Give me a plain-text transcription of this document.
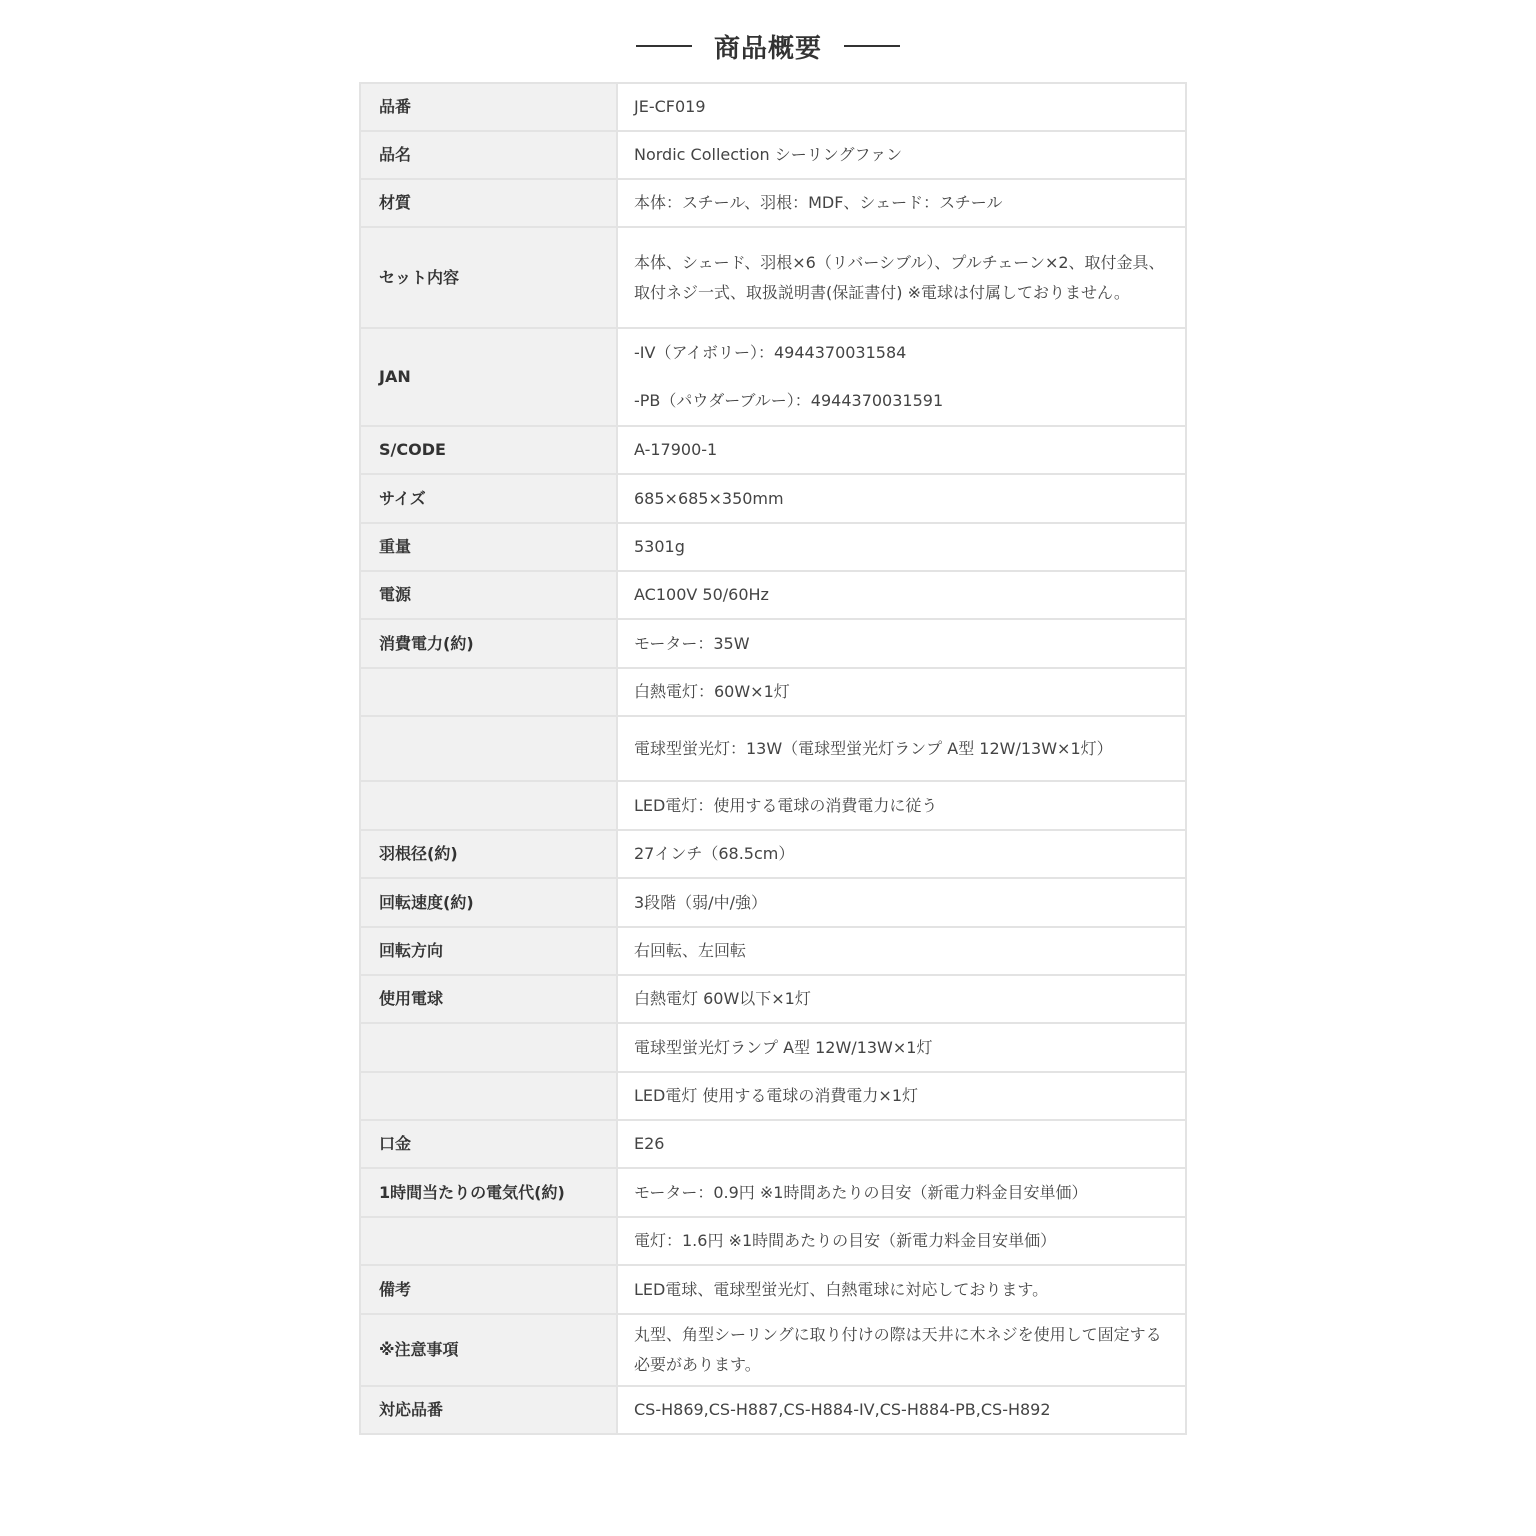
商品概要
品番	JE-CF019
品名	Nordic Collection シーリングファン
材質	本体：スチール、羽根：MDF、シェード：スチール
セット内容	本体、シェード、羽根×6（リバーシブル）、プルチェーン×2、取付金具、取付ネジ一式、取扱説明書(保証書付) ※電球は付属しておりません。
JAN	-IV（アイボリー）：4944370031584
-PB（パウダーブルー）：4944370031591

S/CODE	A-17900-1
サイズ	685×685×350mm
重量	5301g
電源	AC100V 50/60Hz
消費電力(約)	モーター：35W
	白熱電灯：60W×1灯
	電球型蛍光灯：13W（電球型蛍光灯ランプ A型 12W/13W×1灯）
	LED電灯：使用する電球の消費電力に従う
羽根径(約)	27インチ（68.5cm）
回転速度(約)	3段階（弱/中/強）
回転方向	右回転、左回転
使用電球	白熱電灯 60W以下×1灯
	電球型蛍光灯ランプ A型 12W/13W×1灯
	LED電灯 使用する電球の消費電力×1灯
口金	E26
1時間当たりの電気代(約)	モーター：0.9円 ※1時間あたりの目安（新電力料金目安単価）
	電灯：1.6円 ※1時間あたりの目安（新電力料金目安単価）
備考	LED電球、電球型蛍光灯、白熱電球に対応しております。
※注意事項	丸型、角型シーリングに取り付けの際は天井に木ネジを使用して固定する必要があります。
対応品番	CS-H869,CS-H887,CS-H884-IV,CS-H884-PB,CS-H892
